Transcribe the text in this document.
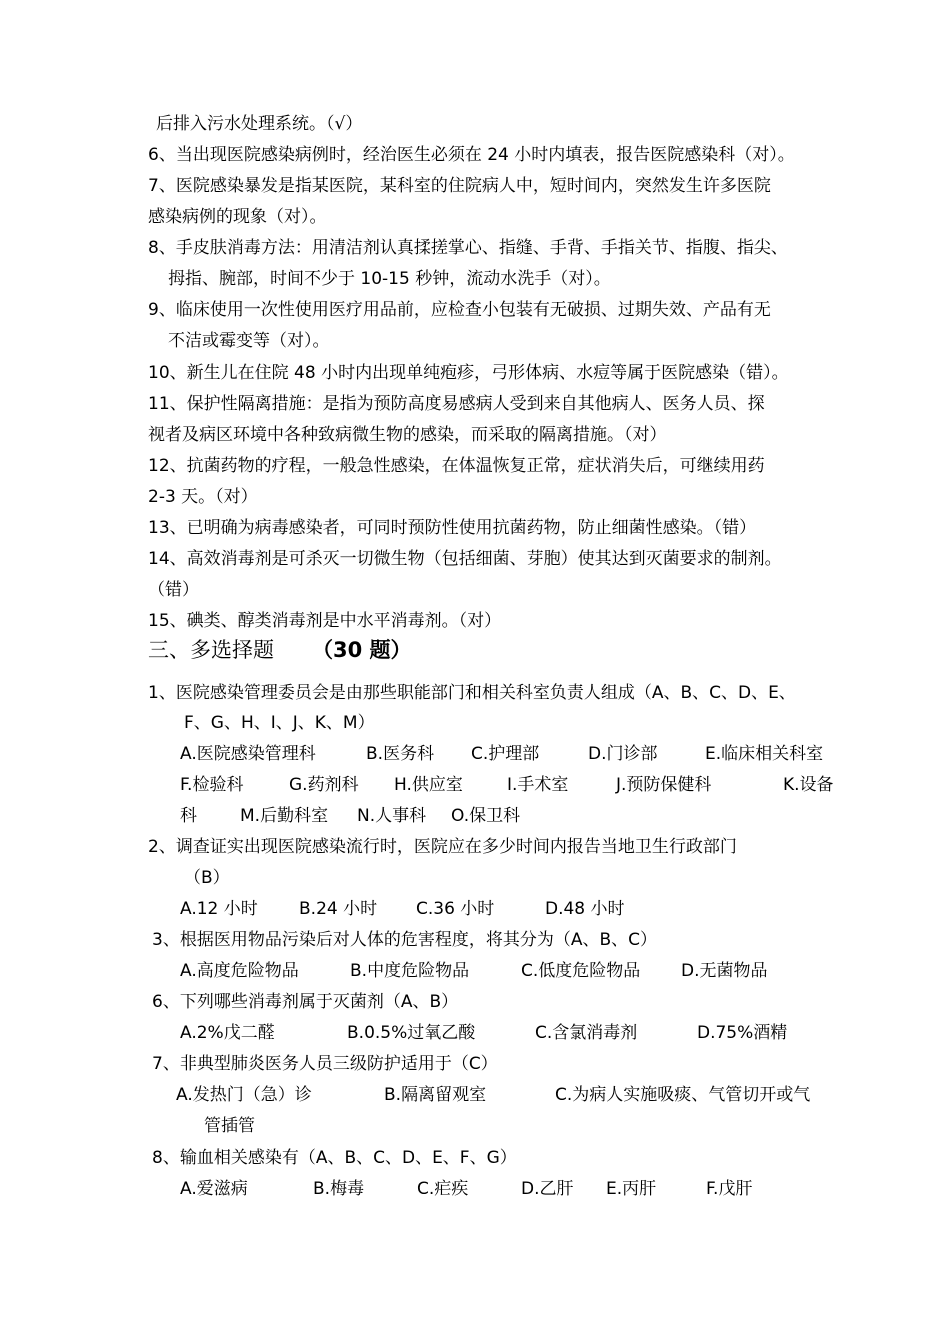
后排入污水处理系统。（√）
6、当出现医院感染病例时，经治医生必须在 24 小时内填表，报告医院感染科（对）。
7、医院感染暴发是指某医院，某科室的住院病人中，短时间内，突然发生许多医院
感染病例的现象（对）。
8、手皮肤消毒方法：用清洁剂认真揉搓掌心、指缝、手背、手指关节、指腹、指尖、
拇指、腕部，时间不少于 10-15 秒钟，流动水洗手（对）。
9、临床使用一次性使用医疗用品前，应检查小包装有无破损、过期失效、产品有无
不洁或霉变等（对）。
10、新生儿在住院 48 小时内出现单纯疱疹，弓形体病、水痘等属于医院感染（错）。
11、保护性隔离措施：是指为预防高度易感病人受到来自其他病人、医务人员、探
视者及病区环境中各种致病微生物的感染，而采取的隔离措施。（对）
12、抗菌药物的疗程，一般急性感染，在体温恢复正常，症状消失后，可继续用药
2-3 天。（对）
13、已明确为病毒感染者，可同时预防性使用抗菌药物，防止细菌性感染。（错）
14、高效消毒剂是可杀灭一切微生物（包括细菌、芽胞）使其达到灭菌要求的制剂。
（错）
15、碘类、醇类消毒剂是中水平消毒剂。（对）
三、多选择题 （30 题）
1、医院感染管理委员会是由那些职能部门和相关科室负责人组成（A、B、C、D、E、
F、G、H、I、J、K、M）
A.医院感染管理科	B.医务科 C.护理部	D.门诊部	E.临床相关科室
F.检验科	G.药剂科 H.供应室	I.手术室	J.预防保健科	K.设备
科	M.后勤科室 N.人事科 O.保卫科
2、调查证实出现医院感染流行时，医院应在多少时间内报告当地卫生行政部门
（B）
A.12 小时 B.24 小时 C.36 小时	D.48 小时
3、根据医用物品污染后对人体的危害程度，将其分为（A、B、C）
A.高度危险物品	B.中度危险物品	C.低度危险物品 D.无菌物品
6、下列哪些消毒剂属于灭菌剂（A、B）
A.2%戊二醛	B.0.5%过氧乙酸	C.含氯消毒剂	D.75%酒精
7、非典型肺炎医务人员三级防护适用于（C）
A.发热门（急）诊	B.隔离留观室	C.为病人实施吸痰、气管切开或气
管插管
8、输血相关感染有（A、B、C、D、E、F、G）
A.爱滋病	B.梅毒	C.疟疾	D.乙肝 E.丙肝	F.戊肝
